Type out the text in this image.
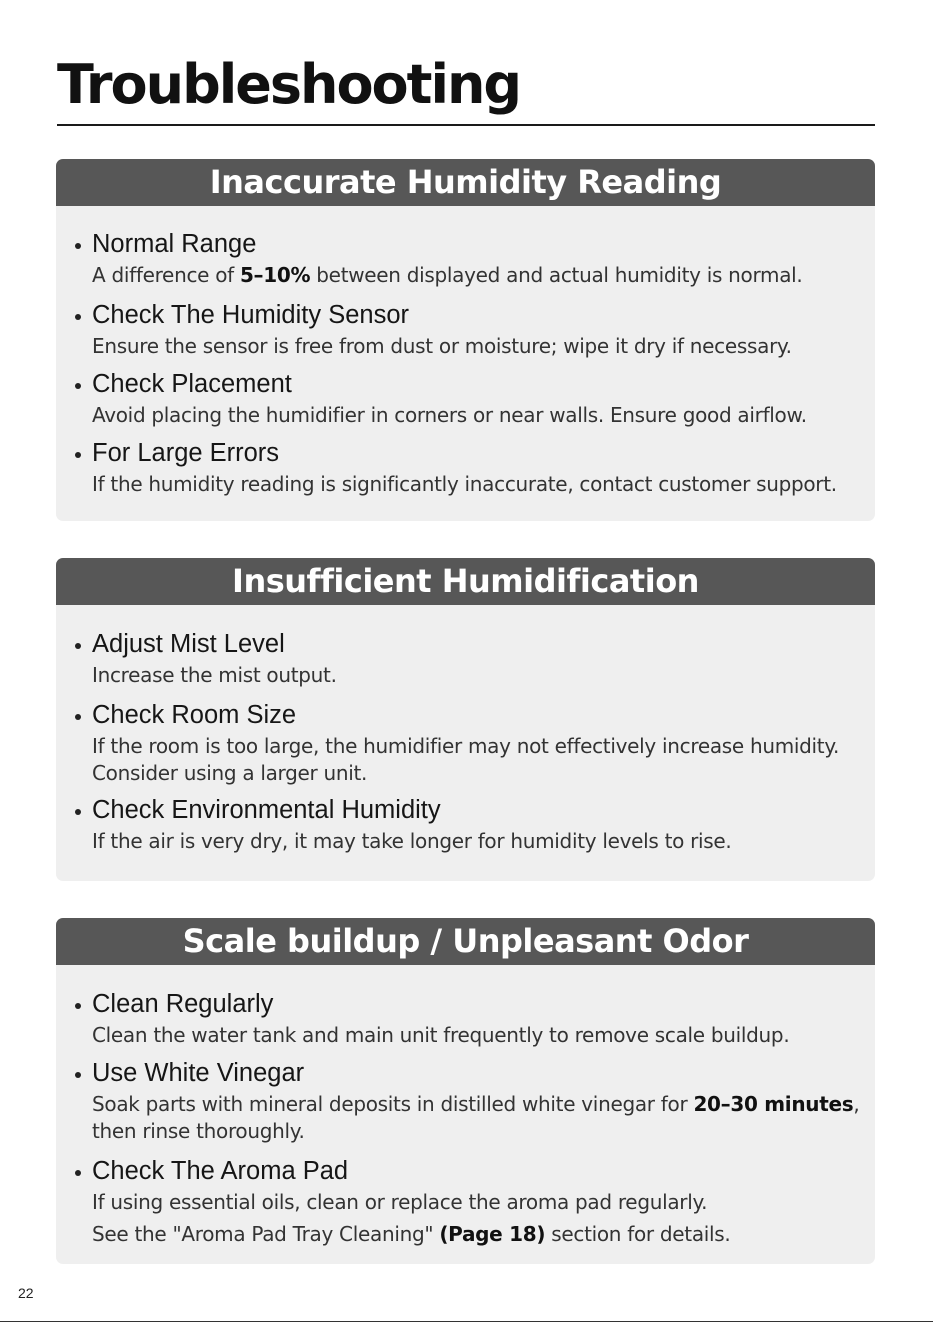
Troubleshooting
Inaccurate Humidity Reading
Normal Range
A difference of 5–10% between displayed and actual humidity is normal.
Check The Humidity Sensor
Ensure the sensor is free from dust or moisture; wipe it dry if necessary.
Check Placement
Avoid placing the humidifier in corners or near walls. Ensure good airflow.
For Large Errors
If the humidity reading is significantly inaccurate, contact customer support.
Insufficient Humidification
Adjust Mist Level
Increase the mist output.
Check Room Size
If the room is too large, the humidifier may not effectively increase humidity.
Consider using a larger unit.
Check Environmental Humidity
If the air is very dry, it may take longer for humidity levels to rise.
Scale buildup / Unpleasant Odor
Clean Regularly
Clean the water tank and main unit frequently to remove scale buildup.
Use White Vinegar
Soak parts with mineral deposits in distilled white vinegar for 20–30 minutes,
then rinse thoroughly.
Check The Aroma Pad
If using essential oils, clean or replace the aroma pad regularly.
See the "Aroma Pad Tray Cleaning" (Page 18) section for details.
22
